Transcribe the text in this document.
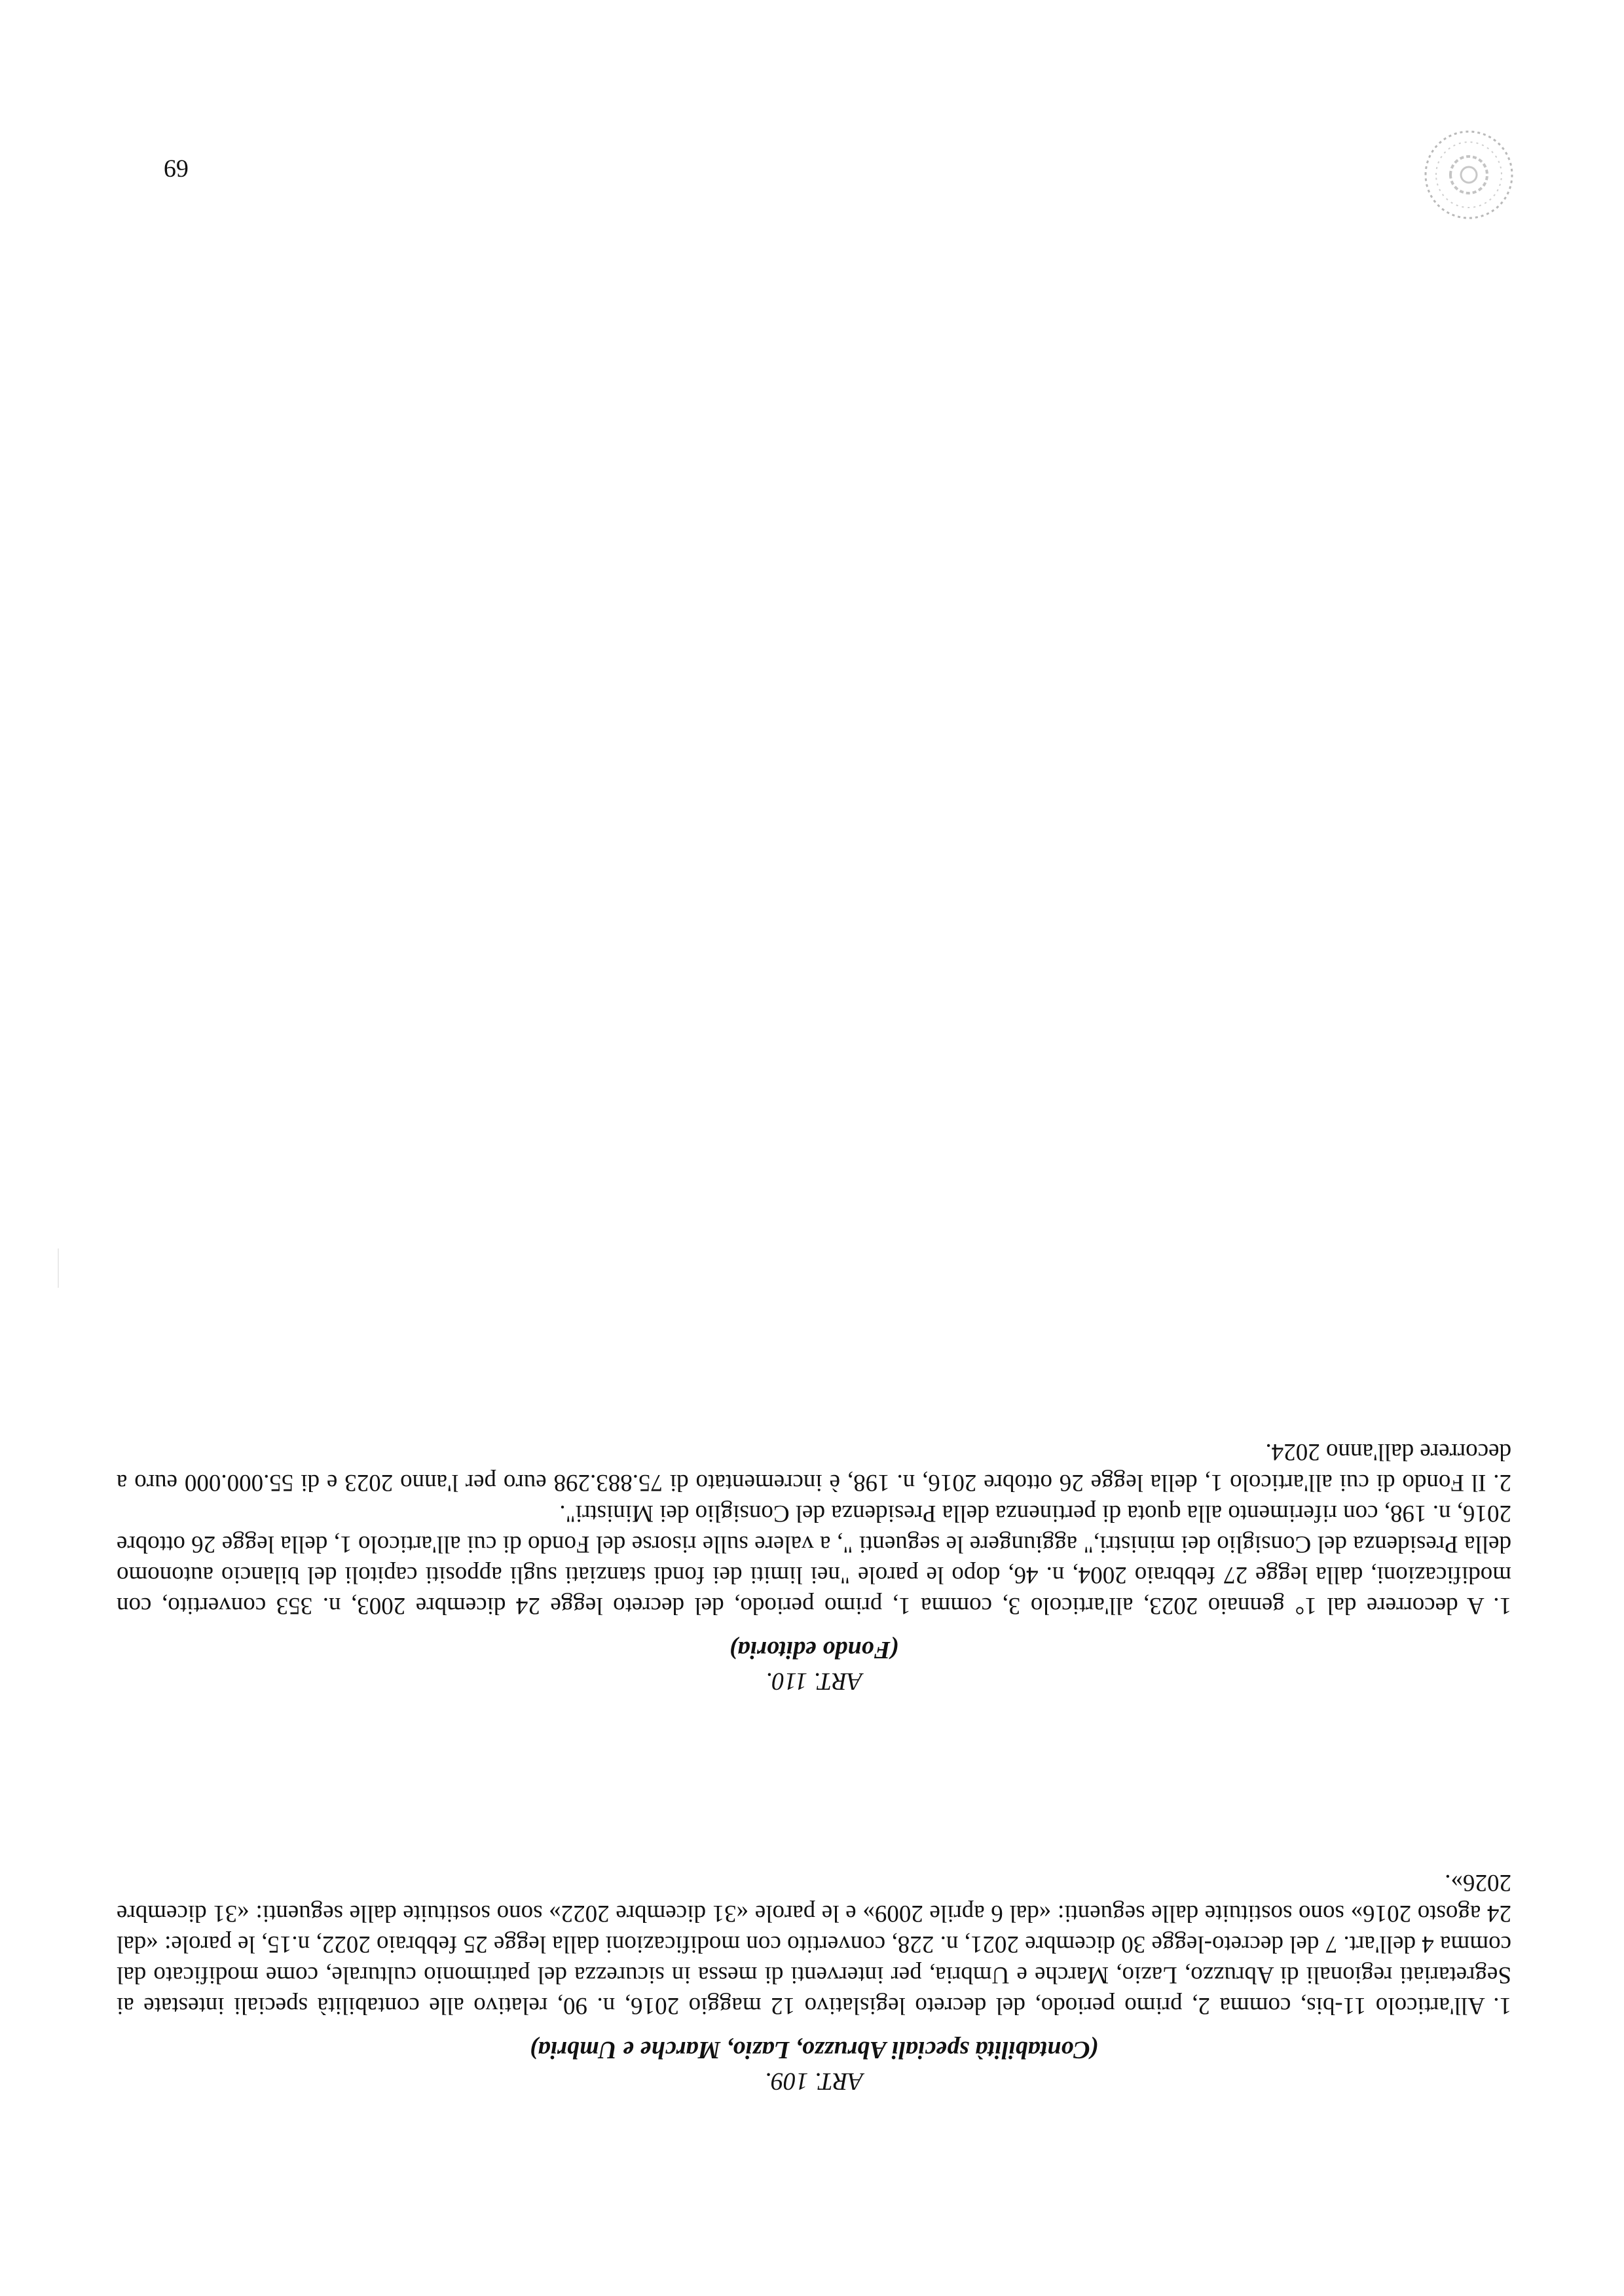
69

ART. 109.

(Contabilità speciali Abruzzo, Lazio, Marche e Umbria)

1. All'articolo 11-bis, comma 2, primo periodo, del decreto legislativo 12 maggio 2016, n. 90, relativo alle contabilità speciali intestate ai Segretariati regionali di Abruzzo, Lazio, Marche e Umbria, per interventi di messa in sicurezza del patrimonio culturale, come modificato dal comma 4 dell'art. 7 del decreto-legge 30 dicembre 2021, n. 228, convertito con modificazioni dalla legge 25 febbraio 2022, n.15, le parole: «dal 24 agosto 2016» sono sostituite dalle seguenti: «dal 6 aprile 2009» e le parole «31 dicembre 2022» sono sostituite dalle seguenti: «31 dicembre 2026».

ART. 110.

(Fondo editoria)

1. A decorrere dal 1° gennaio 2023, all'articolo 3, comma 1, primo periodo, del decreto legge 24 dicembre 2003, n. 353 convertito, con modificazioni, dalla legge 27 febbraio 2004, n. 46, dopo le parole "nei limiti dei fondi stanziati sugli appositi capitoli del bilancio autonomo della Presidenza del Consiglio dei ministri," aggiungere le seguenti ", a valere sulle risorse del Fondo di cui all'articolo 1, della legge 26 ottobre 2016, n. 198, con riferimento alla quota di pertinenza della Presidenza del Consiglio dei Ministri".

2. Il Fondo di cui all'articolo 1, della legge 26 ottobre 2016, n. 198, è incrementato di 75.883.298 euro per l'anno 2023 e di 55.000.000 euro a decorrere dall'anno 2024.
